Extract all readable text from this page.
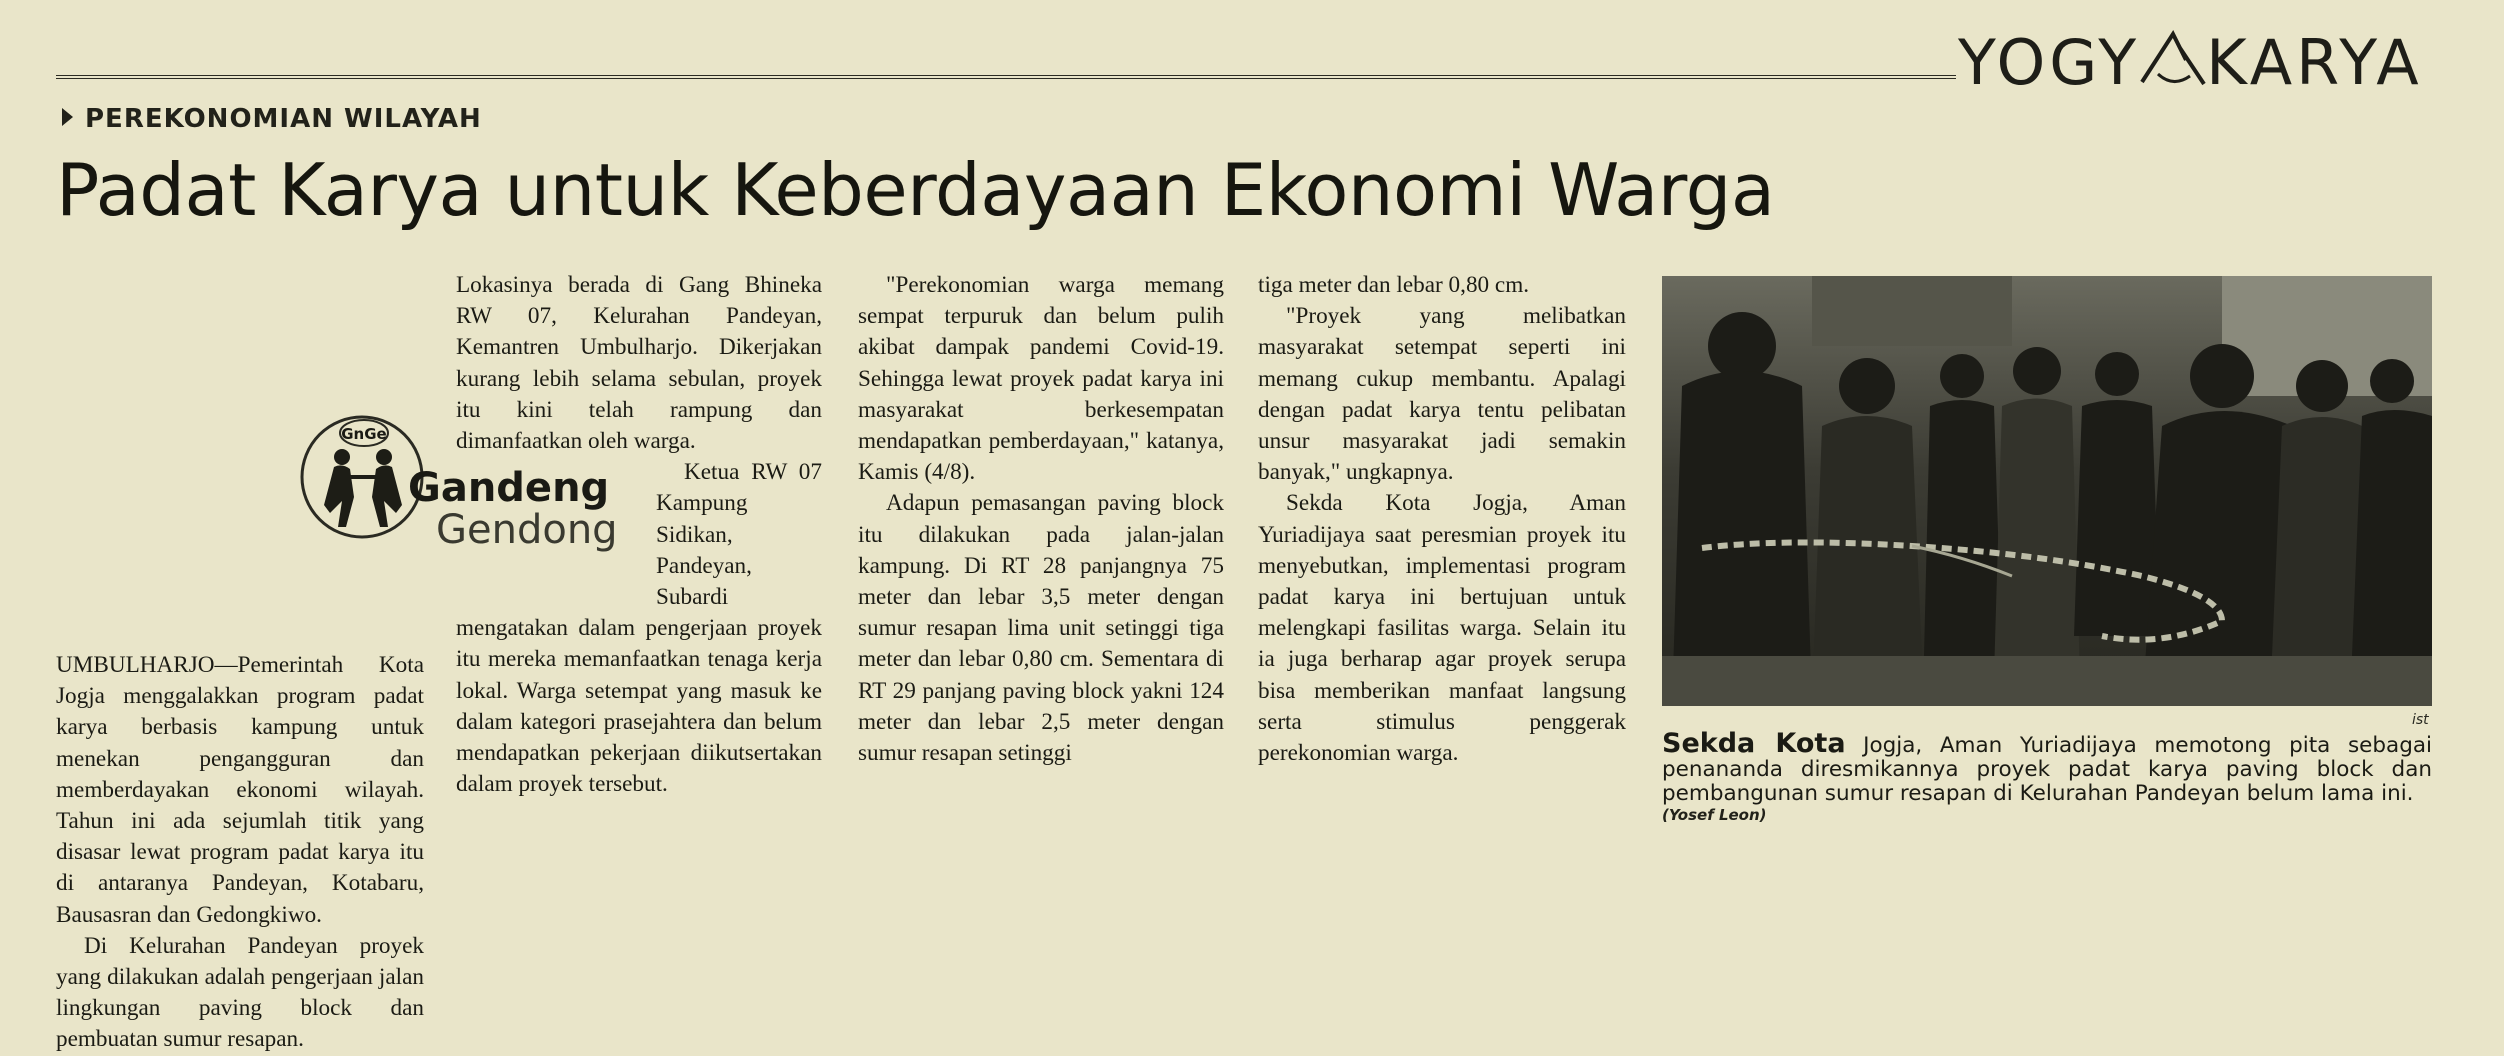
YOGY KARYA
PEREKONOMIAN WILAYAH
Padat Karya untuk Keberdayaan Ekonomi Warga

UMBULHARJO—Pemerintah Kota Jogja menggalakkan program padat karya berbasis kampung untuk menekan pengangguran dan memberdayakan ekonomi wilayah. Tahun ini ada sejumlah titik yang disasar lewat program padat karya itu di antaranya Pandeyan, Kotabaru, Bausasran dan Gedongkiwo.

Di Kelurahan Pandeyan proyek yang dilakukan adalah pengerjaan jalan lingkungan paving block dan pembuatan sumur resapan.

Lokasinya berada di Gang Bhineka RW 07, Kelurahan Pandeyan, Kemantren Umbulharjo. Dikerjakan kurang lebih selama sebulan, proyek itu kini telah rampung dan dimanfaatkan oleh warga.

Ketua RW 07 Kampung Sidikan, Pandeyan, Subardi mengatakan dalam pengerjaan proyek itu mereka memanfaatkan tenaga kerja lokal. Warga setempat yang masuk ke dalam kategori prasejahtera dan belum mendapatkan pekerjaan diikutsertakan dalam proyek tersebut.

"Perekonomian warga memang sempat terpuruk dan belum pulih akibat dampak pandemi Covid-19. Sehingga lewat proyek padat karya ini masyarakat berkesempatan mendapatkan pemberdayaan," katanya, Kamis (4/8).

Adapun pemasangan paving block itu dilakukan pada jalan-jalan kampung. Di RT 28 panjangnya 75 meter dan lebar 3,5 meter dengan sumur resapan lima unit setinggi tiga meter dan lebar 0,80 cm. Sementara di RT 29 panjang paving block yakni 124 meter dan lebar 2,5 meter dengan sumur resapan setinggi

tiga meter dan lebar 0,80 cm.

"Proyek yang melibatkan masyarakat setempat seperti ini memang cukup membantu. Apalagi dengan padat karya tentu pelibatan unsur masyarakat jadi semakin banyak," ungkapnya.

Sekda Kota Jogja, Aman Yuriadijaya saat peresmian proyek itu menyebutkan, implementasi program padat karya ini bertujuan untuk melengkapi fasilitas warga. Selain itu ia juga berharap agar proyek serupa bisa memberikan manfaat langsung serta stimulus penggerak perekonomian warga.

GnGe
Gandeng
Gendong
ist
Sekda Kota Jogja, Aman Yuriadijaya memotong pita sebagai penananda diresmikannya proyek padat karya paving block dan pembangunan sumur resapan di Kelurahan Pandeyan belum lama ini.
(Yosef Leon)
